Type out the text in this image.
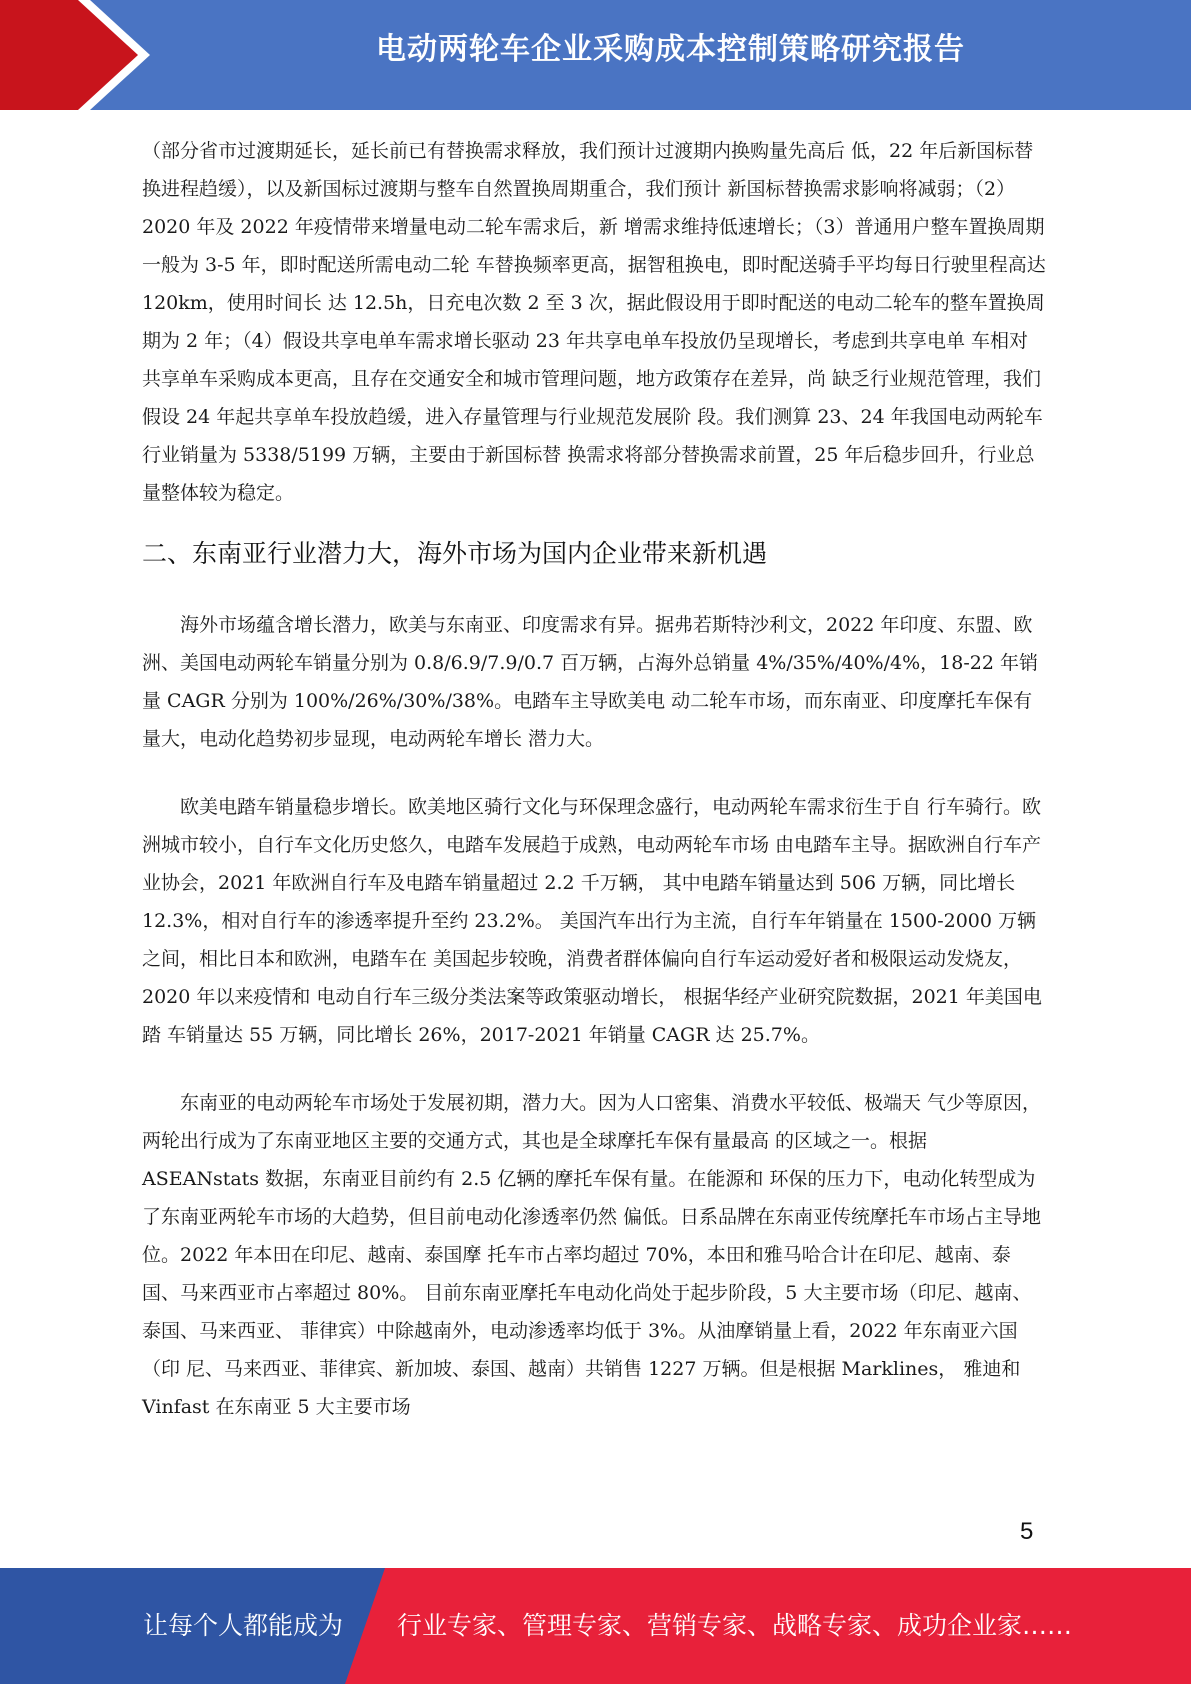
电动两轮车企业采购成本控制策略研究报告

（部分省市过渡期延长，延长前已有替换需求释放，我们预计过渡期内换购量先高后 低，22 年后新国标替换进程趋缓），以及新国标过渡期与整车自然置换周期重合，我们预计 新国标替换需求影响将减弱；（2）2020 年及 2022 年疫情带来增量电动二轮车需求后，新 增需求维持低速增长；（3）普通用户整车置换周期一般为 3-5 年，即时配送所需电动二轮 车替换频率更高，据智租换电，即时配送骑手平均每日行驶里程高达 120km，使用时间长 达 12.5h，日充电次数 2 至 3 次，据此假设用于即时配送的电动二轮车的整车置换周期为 2 年；（4）假设共享电单车需求增长驱动 23 年共享电单车投放仍呈现增长，考虑到共享电单 车相对共享单车采购成本更高，且存在交通安全和城市管理问题，地方政策存在差异，尚 缺乏行业规范管理，我们假设 24 年起共享单车投放趋缓，进入存量管理与行业规范发展阶 段。我们测算 23、24 年我国电动两轮车行业销量为 5338/5199 万辆，主要由于新国标替 换需求将部分替换需求前置，25 年后稳步回升，行业总量整体较为稳定。

二、东南亚行业潜力大，海外市场为国内企业带来新机遇

海外市场蕴含增长潜力，欧美与东南亚、印度需求有异。据弗若斯特沙利文，2022 年印度、东盟、欧洲、美国电动两轮车销量分别为 0.8/6.9/7.9/0.7 百万辆，占海外总销量 4%/35%/40%/4%，18-22 年销量 CAGR 分别为 100%/26%/30%/38%。电踏车主导欧美电 动二轮车市场，而东南亚、印度摩托车保有量大，电动化趋势初步显现，电动两轮车增长 潜力大。

欧美电踏车销量稳步增长。欧美地区骑行文化与环保理念盛行，电动两轮车需求衍生于自 行车骑行。欧洲城市较小，自行车文化历史悠久，电踏车发展趋于成熟，电动两轮车市场 由电踏车主导。据欧洲自行车产业协会，2021 年欧洲自行车及电踏车销量超过 2.2 千万辆， 其中电踏车销量达到 506 万辆，同比增长 12.3%，相对自行车的渗透率提升至约 23.2%。 美国汽车出行为主流，自行车年销量在 1500-2000 万辆之间，相比日本和欧洲，电踏车在 美国起步较晚，消费者群体偏向自行车运动爱好者和极限运动发烧友，2020 年以来疫情和 电动自行车三级分类法案等政策驱动增长， 根据华经产业研究院数据，2021 年美国电踏 车销量达 55 万辆，同比增长 26%，2017-2021 年销量 CAGR 达 25.7%。

东南亚的电动两轮车市场处于发展初期，潜力大。因为人口密集、消费水平较低、极端天 气少等原因，两轮出行成为了东南亚地区主要的交通方式，其也是全球摩托车保有量最高 的区域之一。根据 ASEANstats 数据，东南亚目前约有 2.5 亿辆的摩托车保有量。在能源和 环保的压力下，电动化转型成为了东南亚两轮车市场的大趋势，但目前电动化渗透率仍然 偏低。日系品牌在东南亚传统摩托车市场占主导地位。2022 年本田在印尼、越南、泰国摩 托车市占率均超过 70%，本田和雅马哈合计在印尼、越南、泰国、马来西亚市占率超过 80%。 目前东南亚摩托车电动化尚处于起步阶段，5 大主要市场（印尼、越南、泰国、马来西亚、 菲律宾）中除越南外，电动渗透率均低于 3%。从油摩销量上看，2022 年东南亚六国（印 尼、马来西亚、菲律宾、新加坡、泰国、越南）共销售 1227 万辆。但是根据 Marklines， 雅迪和 Vinfast 在东南亚 5 大主要市场

5
让每个人都能成为 行业专家、管理专家、营销专家、战略专家、成功企业家……
